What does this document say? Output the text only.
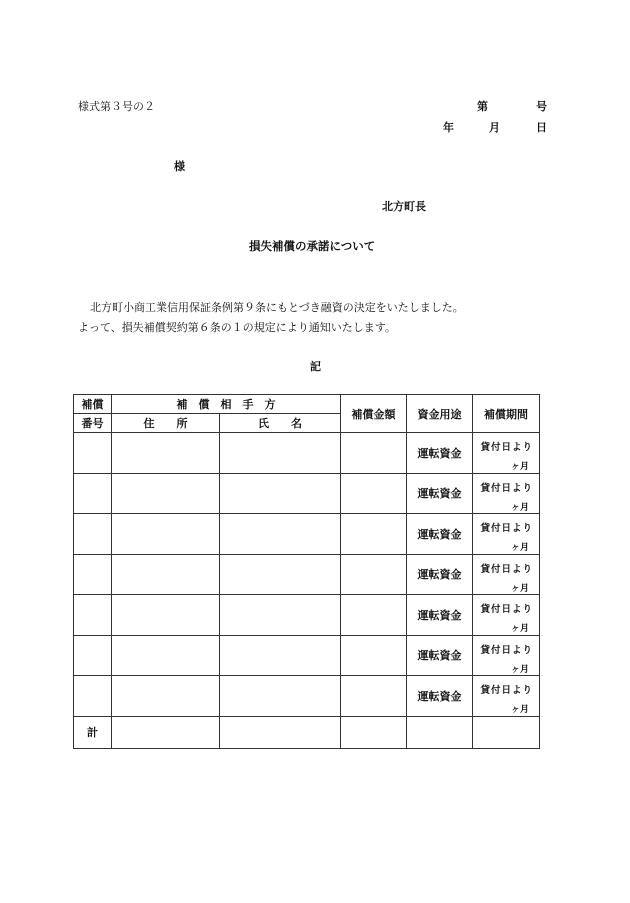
様式第３号の２	第	号
年	月	日
様
北方町長
損失補償の承諾について
北方町小商工業信用保証条例第９条にもとづき融資の決定をいたしました。
よって、損失補償契約第６条の１の規定により通知いたします。
記
補償	補　償　相　手　方		補償金額	資金用途	補償期間
番号	住　　所	氏　　名			
				運転資金	貸付日より
ヶ月

				運転資金	貸付日より
ヶ月

				運転資金	貸付日より
ヶ月

				運転資金	貸付日より
ヶ月

				運転資金	貸付日より
ヶ月

				運転資金	貸付日より
ヶ月

				運転資金	貸付日より
ヶ月

計					
